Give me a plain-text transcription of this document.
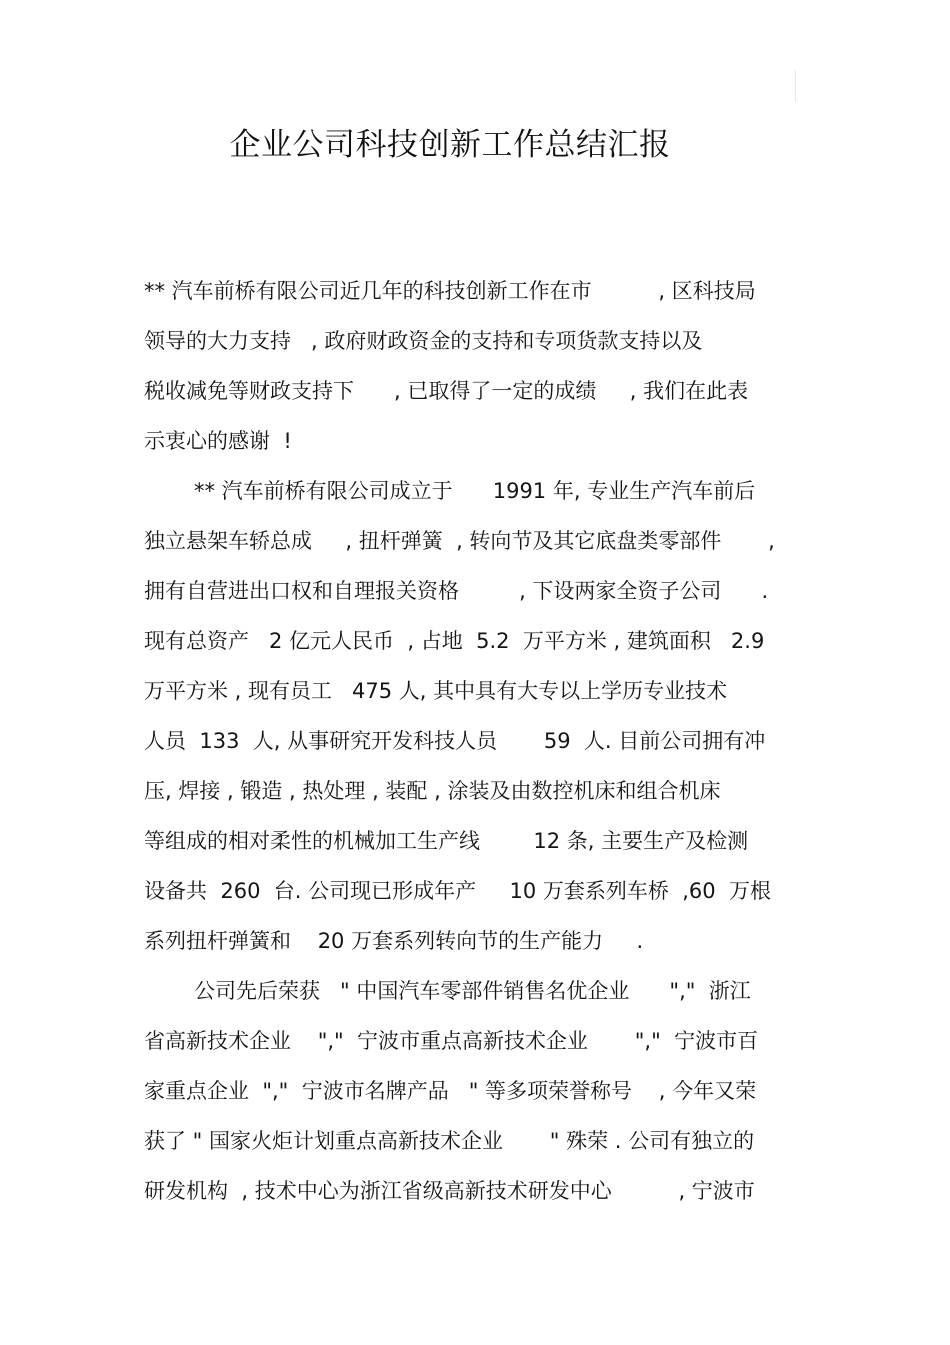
企业公司科技创新工作总结汇报
** 汽车前桥有限公司近几年的科技创新工作在市          , 区科技局
领导的大力支持   , 政府财政资金的支持和专项货款支持以及
税收减免等财政支持下      , 已取得了一定的成绩     , 我们在此表
示衷心的感谢  !
** 汽车前桥有限公司成立于      1991 年, 专业生产汽车前后
独立悬架车轿总成     , 扭杆弹簧  , 转向节及其它底盘类零部件       ,
拥有自营进出口权和自理报关资格         , 下设两家全资子公司      .
现有总资产   2 亿元人民币  , 占地  5.2  万平方米 , 建筑面积   2.9
万平方米 , 现有员工   475 人, 其中具有大专以上学历专业技术
人员  133  人, 从事研究开发科技人员       59  人. 目前公司拥有冲
压, 焊接 , 锻造 , 热处理 , 装配 , 涂装及由数控机床和组合机床
等组成的相对柔性的机械加工生产线        12 条, 主要生产及检测
设备共  260  台. 公司现已形成年产     10 万套系列车桥  ,60  万根
系列扭杆弹簧和    20 万套系列转向节的生产能力     .
公司先后荣获   " 中国汽车零部件销售名优企业      ","  浙江
省高新技术企业    ","  宁波市重点高新技术企业       ","  宁波市百
家重点企业  ","  宁波市名牌产品   " 等多项荣誉称号    , 今年又荣
获了 " 国家火炬计划重点高新技术企业       " 殊荣 . 公司有独立的
研发机构  , 技术中心为浙江省级高新技术研发中心          , 宁波市
